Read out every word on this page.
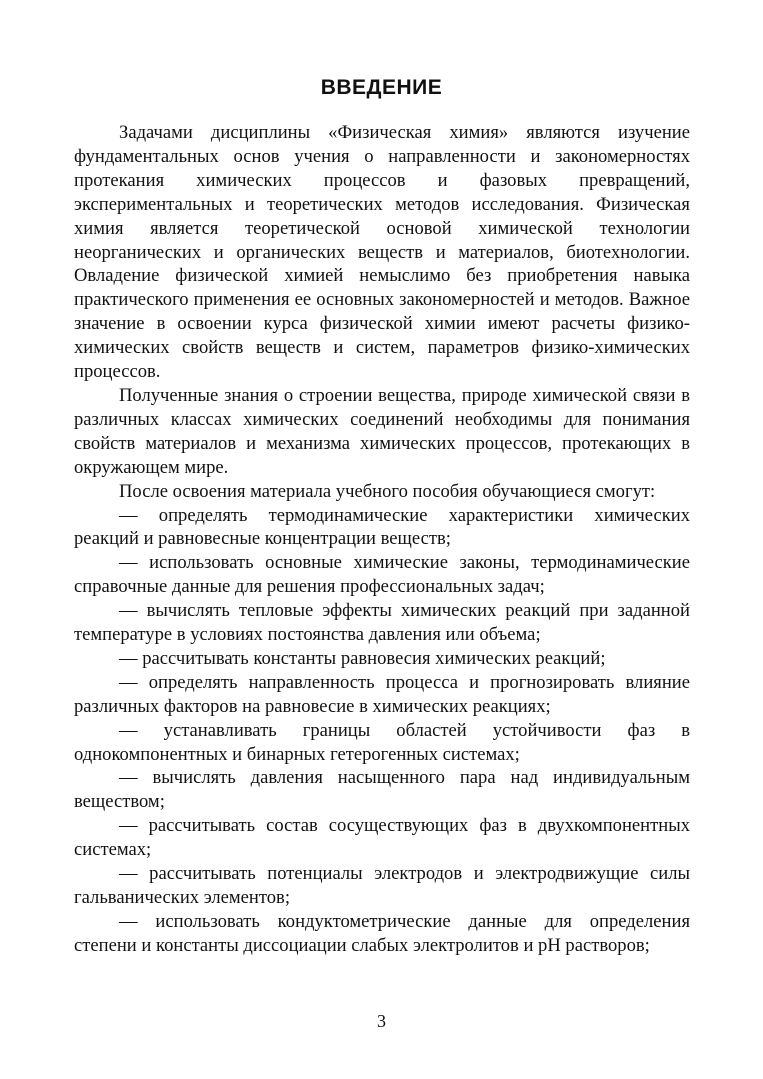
ВВЕДЕНИЕ

Задачами дисциплины «Физическая химия» являются изучение фундаментальных основ учения о направленности и закономерностях протекания химических процессов и фазовых превращений, экспериментальных и теоретических методов исследования. Физическая химия является теоретической основой химической технологии неорганических и органических веществ и материалов, биотехнологии. Овладение физической химией немыслимо без приобретения навыка практического применения ее основных закономерностей и методов. Важное значение в освоении курса физической химии имеют расчеты физико-химических свойств веществ и систем, параметров физико-химических процессов.

Полученные знания о строении вещества, природе химической связи в различных классах химических соединений необходимы для понимания свойств материалов и механизма химических процессов, протекающих в окружающем мире.

После освоения материала учебного пособия обучающиеся смогут:

— определять термодинамические характеристики химических реакций и равновесные концентрации веществ;

— использовать основные химические законы, термодинамические справочные данные для решения профессиональных задач;

— вычислять тепловые эффекты химических реакций при заданной температуре в условиях постоянства давления или объема;

— рассчитывать константы равновесия химических реакций;

— определять направленность процесса и прогнозировать влияние различных факторов на равновесие в химических реакциях;

— устанавливать границы областей устойчивости фаз в однокомпонентных и бинарных гетерогенных системах;

— вычислять давления насыщенного пара над индивидуальным веществом;

— рассчитывать состав сосуществующих фаз в двухкомпонентных системах;

— рассчитывать потенциалы электродов и электродвижущие силы гальванических элементов;

— использовать кондуктометрические данные для определения степени и константы диссоциации слабых электролитов и pH растворов;

3
